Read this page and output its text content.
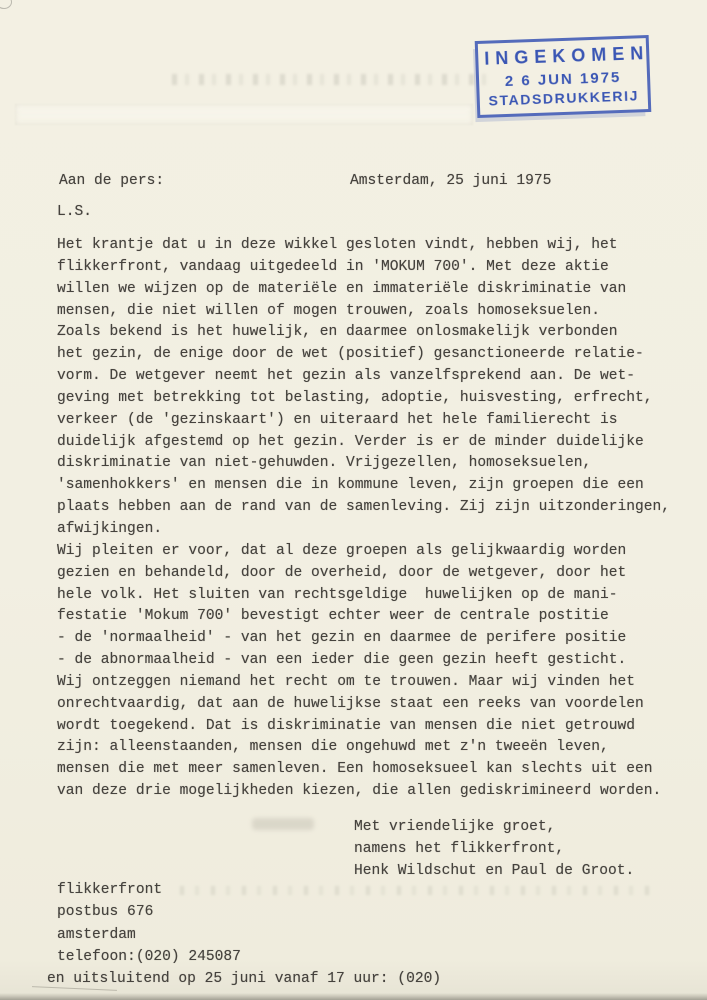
INGEKOMEN
2 6 JUN 1975
STADSDRUKKERIJ
Aan de pers:	Amsterdam, 25 juni 1975
L.S.
Het krantje dat u in deze wikkel gesloten vindt, hebben wij, het
flikkerfront, vandaag uitgedeeld in 'MOKUM 700'. Met deze aktie
willen we wijzen op de materiële en immateriële diskriminatie van
mensen, die niet willen of mogen trouwen, zoals homoseksuelen.
Zoals bekend is het huwelijk, en daarmee onlosmakelijk verbonden
het gezin, de enige door de wet (positief) gesanctioneerde relatie-
vorm. De wetgever neemt het gezin als vanzelfsprekend aan. De wet-
geving met betrekking tot belasting, adoptie, huisvesting, erfrecht,
verkeer (de 'gezinskaart') en uiteraard het hele familierecht is
duidelijk afgestemd op het gezin. Verder is er de minder duidelijke
diskriminatie van niet-gehuwden. Vrijgezellen, homoseksuelen,
'samenhokkers' en mensen die in kommune leven, zijn groepen die een
plaats hebben aan de rand van de samenleving. Zij zijn uitzonderingen,
afwijkingen.
Wij pleiten er voor, dat al deze groepen als gelijkwaardig worden
gezien en behandeld, door de overheid, door de wetgever, door het
hele volk. Het sluiten van rechtsgeldige  huwelijken op de mani-
festatie 'Mokum 700' bevestigt echter weer de centrale postitie
- de 'normaalheid' - van het gezin en daarmee de perifere positie
- de abnormaalheid - van een ieder die geen gezin heeft gesticht.
Wij ontzeggen niemand het recht om te trouwen. Maar wij vinden het
onrechtvaardig, dat aan de huwelijkse staat een reeks van voordelen
wordt toegekend. Dat is diskriminatie van mensen die niet getrouwd
zijn: alleenstaanden, mensen die ongehuwd met z'n tweeën leven,
mensen die met meer samenleven. Een homoseksueel kan slechts uit een
van deze drie mogelijkheden kiezen, die allen gediskrimineerd worden.
Met vriendelijke groet,
namens het flikkerfront,
Henk Wildschut en Paul de Groot.
flikkerfront
postbus 676
amsterdam
telefoon:(020) 245087
en uitsluitend op 25 juni vanaf 17 uur: (020)
